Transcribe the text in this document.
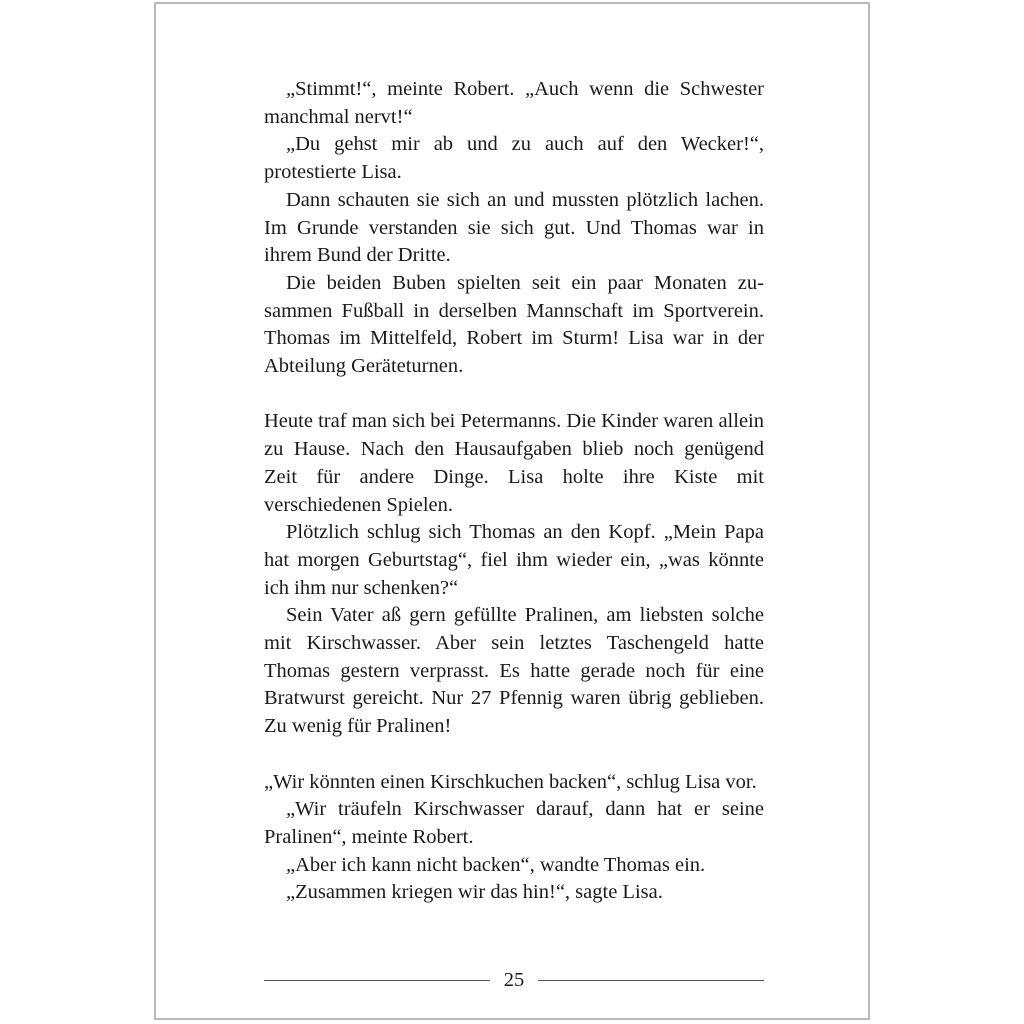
„Stimmt!“, meinte Robert. „Auch wenn die Schwester manchmal nervt!“

„Du gehst mir ab und zu auch auf den Wecker!“, protestierte Lisa.

Dann schauten sie sich an und mussten plötzlich lachen. Im Grunde verstanden sie sich gut. Und Thomas war in ihrem Bund der Dritte.

Die beiden Buben spielten seit ein paar Monaten zusammen Fußball in derselben Mannschaft im Sportverein. Thomas im Mittelfeld, Robert im Sturm! Lisa war in der Abteilung Geräteturnen.

Heute traf man sich bei Petermanns. Die Kinder waren allein zu Hause. Nach den Hausaufgaben blieb noch genügend Zeit für andere Dinge. Lisa holte ihre Kiste mit verschiedenen Spielen.

Plötzlich schlug sich Thomas an den Kopf. „Mein Papa hat morgen Geburtstag“, fiel ihm wieder ein, „was könnte ich ihm nur schenken?“

Sein Vater aß gern gefüllte Pralinen, am liebsten solche mit Kirschwasser. Aber sein letztes Taschengeld hatte Thomas gestern verprasst. Es hatte gerade noch für eine Bratwurst gereicht. Nur 27 Pfennig waren übrig geblieben. Zu wenig für Pralinen!

„Wir könnten einen Kirschkuchen backen“, schlug Lisa vor.

„Wir träufeln Kirschwasser darauf, dann hat er seine Pralinen“, meinte Robert.

„Aber ich kann nicht backen“, wandte Thomas ein.

„Zusammen kriegen wir das hin!“, sagte Lisa.

25
